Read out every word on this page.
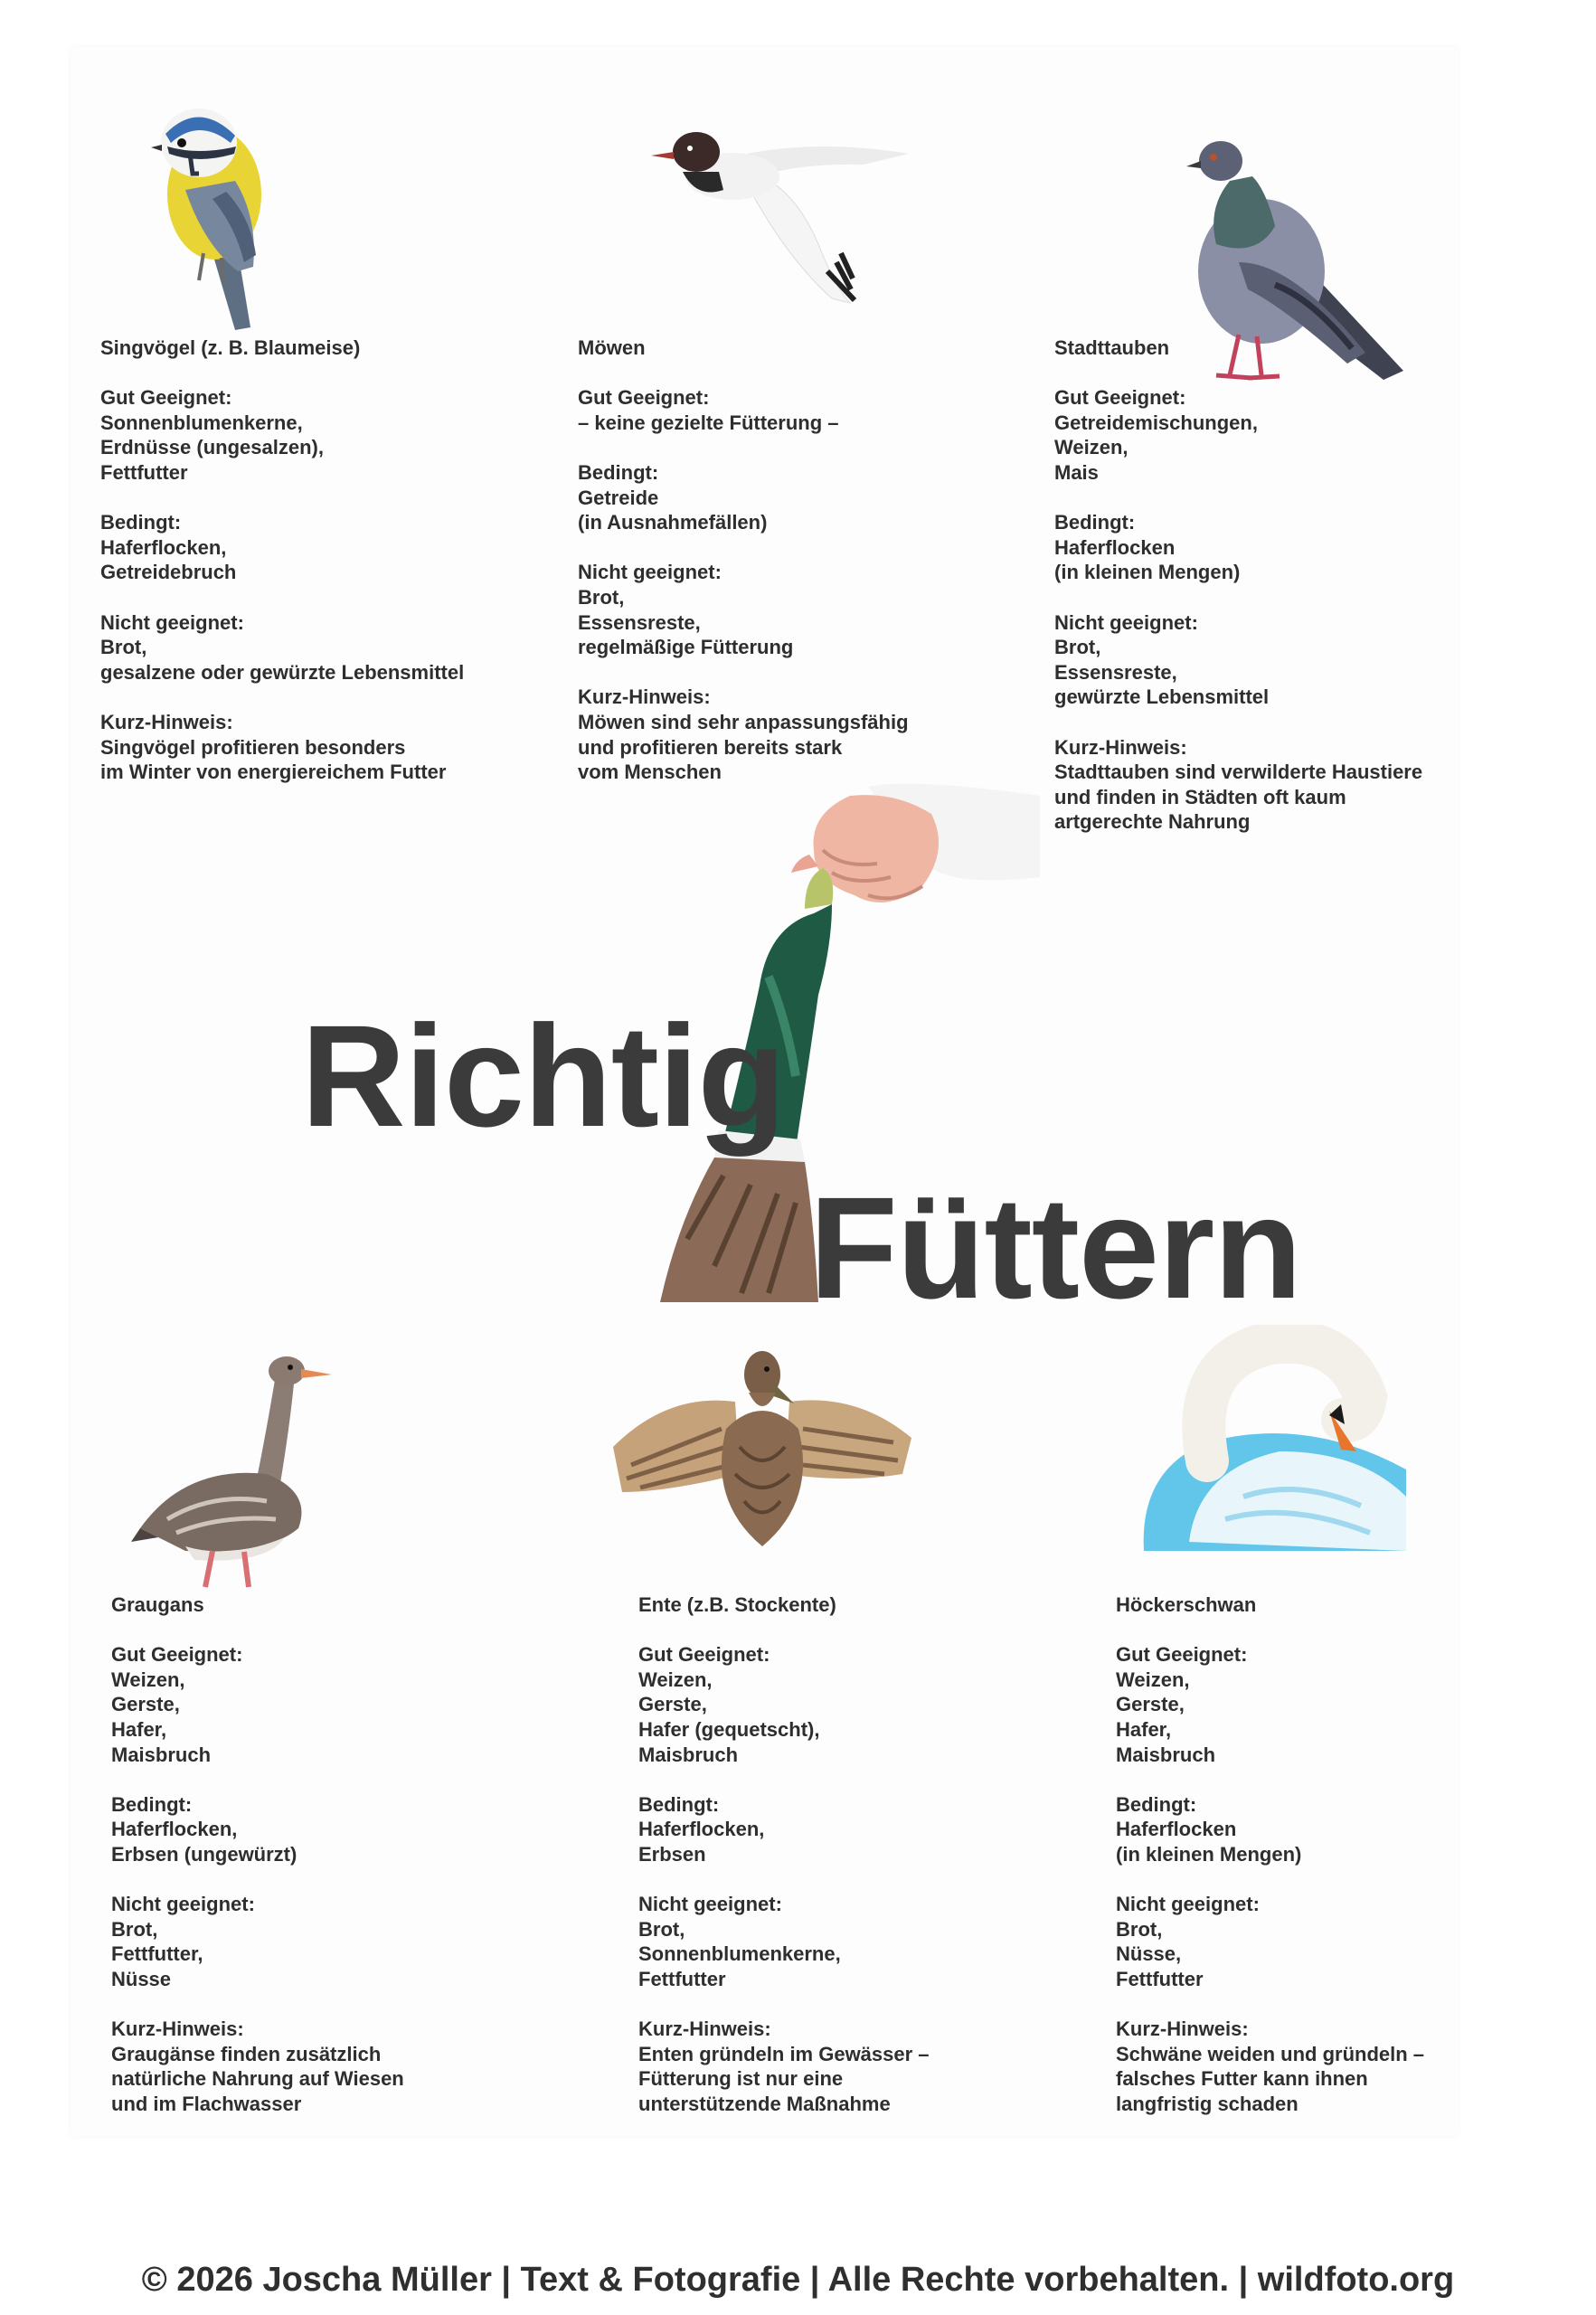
Singvögel (z. B. Blaumeise)
Gut Geeignet:
Sonnenblumenkerne,
Erdnüsse (ungesalzen),
Fettfutter
Bedingt:
Haferflocken,
Getreidebruch
Nicht geeignet:
Brot,
gesalzene oder gewürzte Lebensmittel
Kurz-Hinweis:
Singvögel profitieren besonders
im Winter von energiereichem Futter
Möwen
Gut Geeignet:
– keine gezielte Fütterung –
Bedingt:
Getreide
(in Ausnahmefällen)
Nicht geeignet:
Brot,
Essensreste,
regelmäßige Fütterung
Kurz-Hinweis:
Möwen sind sehr anpassungsfähig
und profitieren bereits stark
vom Menschen
Stadttauben
Gut Geeignet:
Getreidemischungen,
Weizen,
Mais
Bedingt:
Haferflocken
(in kleinen Mengen)
Nicht geeignet:
Brot,
Essensreste,
gewürzte Lebensmittel
Kurz-Hinweis:
Stadttauben sind verwilderte Haustiere
und finden in Städten oft kaum
artgerechte Nahrung
Richtig
Füttern
Graugans
Gut Geeignet:
Weizen,
Gerste,
Hafer,
Maisbruch
Bedingt:
Haferflocken,
Erbsen (ungewürzt)
Nicht geeignet:
Brot,
Fettfutter,
Nüsse
Kurz-Hinweis:
Graugänse finden zusätzlich
natürliche Nahrung auf Wiesen
und im Flachwasser
Ente (z.B. Stockente)
Gut Geeignet:
Weizen,
Gerste,
Hafer (gequetscht),
Maisbruch
Bedingt:
Haferflocken,
Erbsen
Nicht geeignet:
Brot,
Sonnenblumenkerne,
Fettfutter
Kurz-Hinweis:
Enten gründeln im Gewässer –
Fütterung ist nur eine
unterstützende Maßnahme
Höckerschwan
Gut Geeignet:
Weizen,
Gerste,
Hafer,
Maisbruch
Bedingt:
Haferflocken
(in kleinen Mengen)
Nicht geeignet:
Brot,
Nüsse,
Fettfutter
Kurz-Hinweis:
Schwäne weiden und gründeln –
falsches Futter kann ihnen
langfristig schaden
© 2026 Joscha Müller | Text & Fotografie | Alle Rechte vorbehalten. | wildfoto.org
